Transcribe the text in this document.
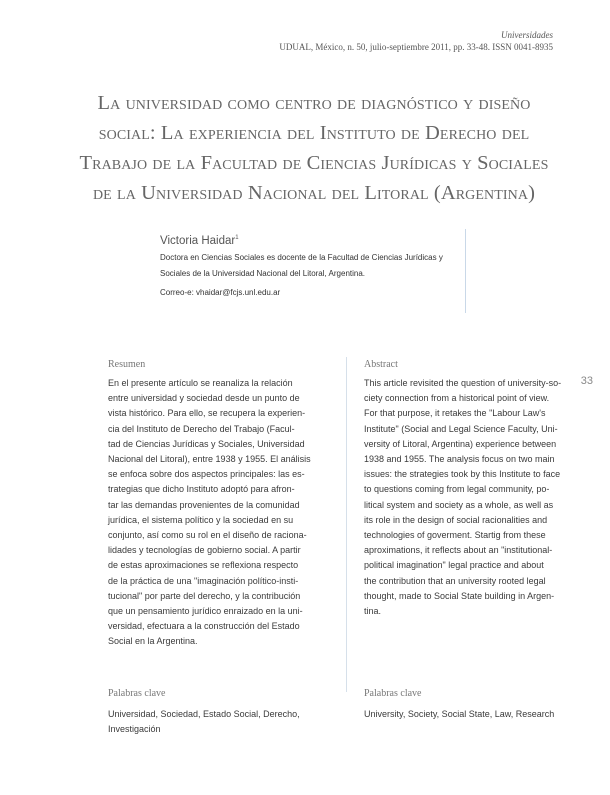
Universidades
UDUAL, México, n. 50, julio-septiembre 2011, pp. 33-48. ISSN 0041-8935
La universidad como centro de diagnóstico y diseño
social: La experiencia del Instituto de Derecho del
Trabajo de la Facultad de Ciencias Jurídicas y Sociales
de la Universidad Nacional del Litoral (Argentina)
Victoria Haidar$^1$
Doctora en Ciencias Sociales es docente de la Facultad de Ciencias Jurídicas y
Sociales de la Universidad Nacional del Litoral, Argentina.
Correo-e: vhaidar@fcjs.unl.edu.ar
Resumen
En el presente artículo se reanaliza la relación
entre universidad y sociedad desde un punto de
vista histórico. Para ello, se recupera la experien-
cia del Instituto de Derecho del Trabajo (Facul-
tad de Ciencias Jurídicas y Sociales, Universidad
Nacional del Litoral), entre 1938 y 1955. El análisis
se enfoca sobre dos aspectos principales: las es-
trategias que dicho Instituto adoptó para afron-
tar las demandas provenientes de la comunidad
jurídica, el sistema político y la sociedad en su
conjunto, así como su rol en el diseño de racionа-
lidades y tecnologías de gobierno social. A partir
de estas aproximaciones se reflexiona respecto
de la práctica de una "imaginación político-insti-
tucional" por parte del derecho, y la contribución
que un pensamiento jurídico enraizado en la uni-
versidad, efectuara a la construcción del Estado
Social en la Argentina.
Abstract
This article revisited the question of university-so-
ciety connection from a historical point of view.
For that purpose, it retakes the "Labour Law's
Institute" (Social and Legal Science Faculty, Uni-
versity of Litoral, Argentina) experience between
1938 and 1955. The analysis focus on two main
issues: the strategies took by this Institute to face
to questions coming from legal community, po-
litical system and society as a whole, as well as
its role in the design of social racionalities and
technologies of goverment. Startig from these
aproximations, it reflects about an "institutional-
political imagination" legal practice and about
the contribution that an university rooted legal
thought, made to Social State building in Argen-
tina.
33
Palabras clave
Universidad, Sociedad, Estado Social, Derecho,
Investigación
Palabras clave
University, Society, Social State, Law, Research
